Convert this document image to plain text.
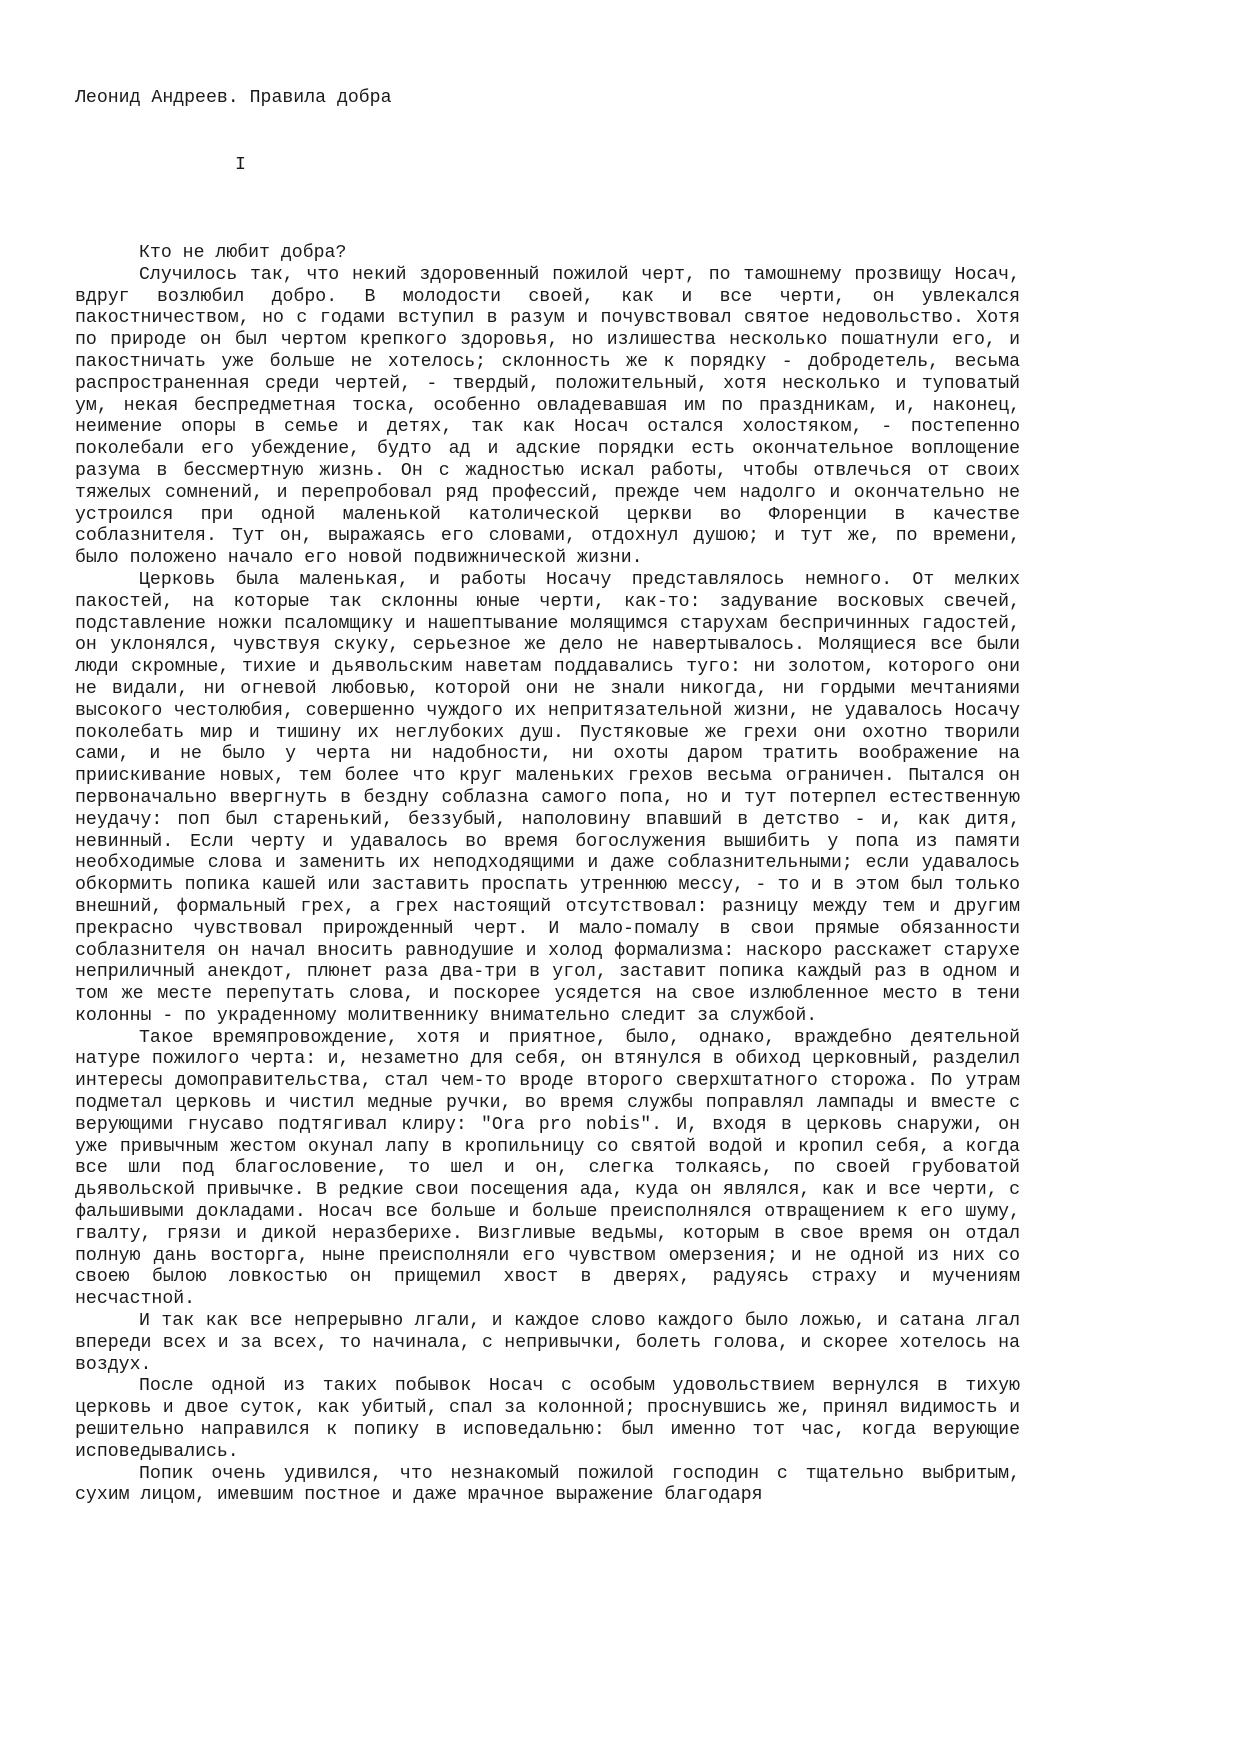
Леонид Андреев. Правила добра
I

Кто не любит добра?

Случилось так, что некий здоровенный пожилой черт, по тамошнему прозвищу Носач, вдруг возлюбил добро. В молодости своей, как и все черти, он увлекался пакостничеством, но с годами вступил в разум и почувствовал святое недовольство. Хотя по природе он был чертом крепкого здоровья, но излишества несколько пошатнули его, и пакостничать уже больше не хотелось; склонность же к порядку - добродетель, весьма распространенная среди чертей, - твердый, положительный, хотя несколько и туповатый ум, некая беспредметная тоска, особенно овладевавшая им по праздникам, и, наконец, неимение опоры в семье и детях, так как Носач остался холостяком, - постепенно поколебали его убеждение, будто ад и адские порядки есть окончательное воплощение разума в бессмертную жизнь. Он с жадностью искал работы, чтобы отвлечься от своих тяжелых сомнений, и перепробовал ряд профессий, прежде чем надолго и окончательно не устроился при одной маленькой католической церкви во Флоренции в качестве соблазнителя. Тут он, выражаясь его словами, отдохнул душою; и тут же, по времени, было положено начало его новой подвижнической жизни.

Церковь была маленькая, и работы Носачу представлялось немного. От мелких пакостей, на которые так склонны юные черти, как-то: задувание восковых свечей, подставление ножки псаломщику и нашептывание молящимся старухам беспричинных гадостей, он уклонялся, чувствуя скуку, серьезное же дело не навертывалось. Молящиеся все были люди скромные, тихие и дьявольским наветам поддавались туго: ни золотом, которого они не видали, ни огневой любовью, которой они не знали никогда, ни гордыми мечтаниями высокого честолюбия, совершенно чуждого их непритязательной жизни, не удавалось Носачу поколебать мир и тишину их неглубоких душ. Пустяковые же грехи они охотно творили сами, и не было у черта ни надобности, ни охоты даром тратить воображение на приискивание новых, тем более что круг маленьких грехов весьма ограничен. Пытался он первоначально ввергнуть в бездну соблазна самого попа, но и тут потерпел естественную неудачу: поп был старенький, беззубый, наполовину впавший в детство - и, как дитя, невинный. Если черту и удавалось во время богослужения вышибить у попа из памяти необходимые слова и заменить их неподходящими и даже соблазнительными; если удавалось обкормить попика кашей или заставить проспать утреннюю мессу, - то и в этом был только внешний, формальный грех, а грех настоящий отсутствовал: разницу между тем и другим прекрасно чувствовал прирожденный черт. И мало-помалу в свои прямые обязанности соблазнителя он начал вносить равнодушие и холод формализма: наскоро расскажет старухе неприличный анекдот, плюнет раза два-три в угол, заставит попика каждый раз в одном и том же месте перепутать слова, и поскорее усядется на свое излюбленное место в тени колонны - по украденному молитвеннику внимательно следит за службой.

Такое времяпровождение, хотя и приятное, было, однако, враждебно деятельной натуре пожилого черта: и, незаметно для себя, он втянулся в обиход церковный, разделил интересы домоправительства, стал чем-то вроде второго сверхштатного сторожа. По утрам подметал церковь и чистил медные ручки, во время службы поправлял лампады и вместе с верующими гнусаво подтягивал клиру: "Ora pro nobis". И, входя в церковь снаружи, он уже привычным жестом окунал лапу в кропильницу со святой водой и кропил себя, а когда все шли под благословение, то шел и он, слегка толкаясь, по своей грубоватой дьявольской привычке. В редкие свои посещения ада, куда он являлся, как и все черти, с фальшивыми докладами. Носач все больше и больше преисполнялся отвращением к его шуму, гвалту, грязи и дикой неразберихе. Визгливые ведьмы, которым в свое время он отдал полную дань восторга, ныне преисполняли его чувством омерзения; и не одной из них со своею былою ловкостью он прищемил хвост в дверях, радуясь страху и мучениям несчастной.

И так как все непрерывно лгали, и каждое слово каждого было ложью, и сатана лгал впереди всех и за всех, то начинала, с непривычки, болеть голова, и скорее хотелось на воздух.

После одной из таких побывок Носач с особым удовольствием вернулся в тихую церковь и двое суток, как убитый, спал за колонной; проснувшись же, принял видимость и решительно направился к попику в исповедальню: был именно тот час, когда верующие исповедывались.

Попик очень удивился, что незнакомый пожилой господин с тщательно выбритым, сухим лицом, имевшим постное и даже мрачное выражение благодаря
